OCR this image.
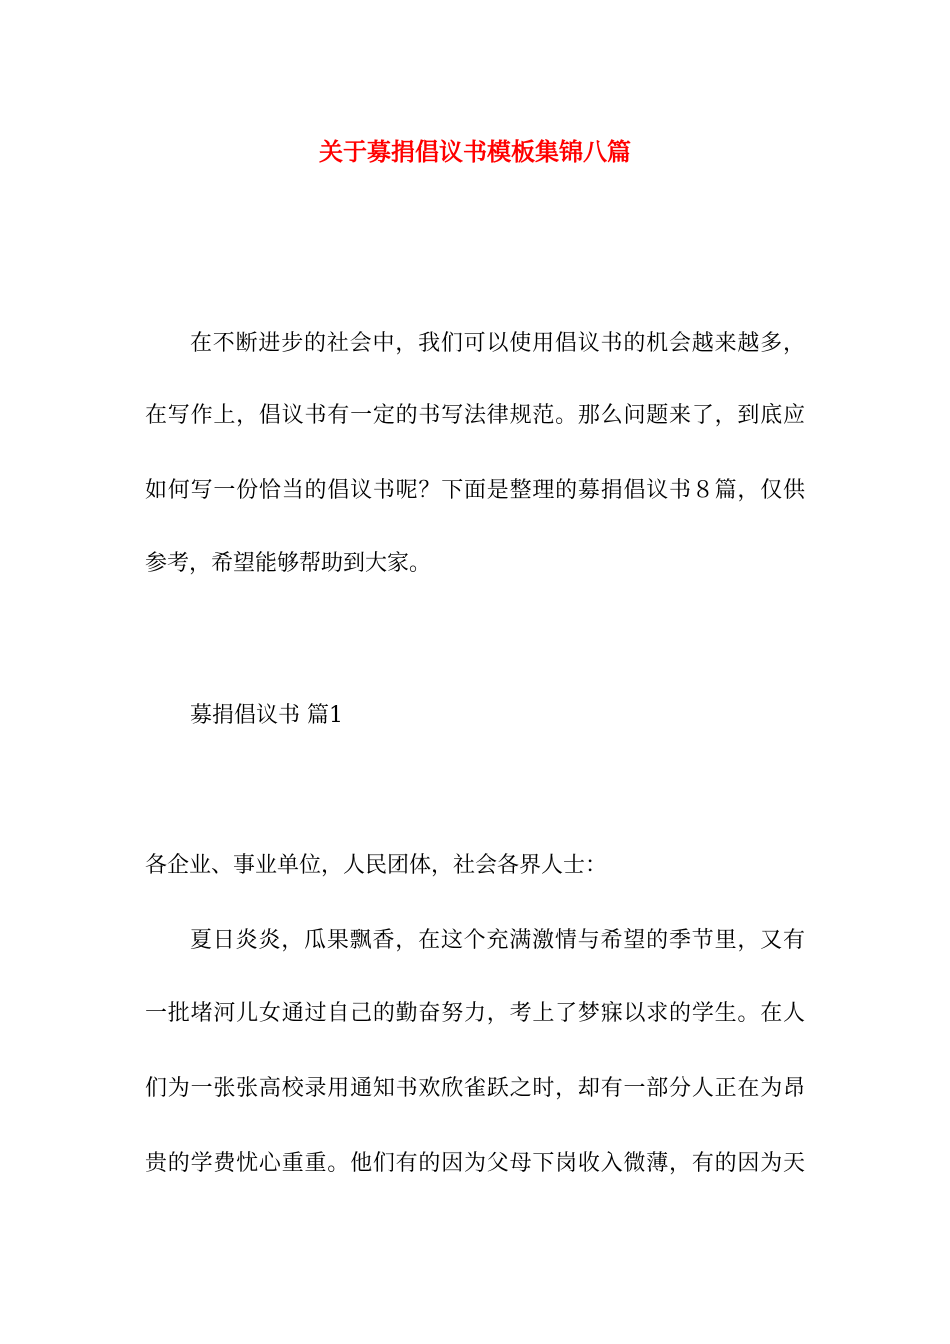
关于募捐倡议书模板集锦八篇
在不断进步的社会中，我们可以使用倡议书的机会越来越多，
在写作上，倡议书有一定的书写法律规范。那么问题来了，到底应
如何写一份恰当的倡议书呢？下面是整理的募捐倡议书８篇，仅供
参考，希望能够帮助到大家。
募捐倡议书 篇1
各企业、事业单位，人民团体，社会各界人士：
夏日炎炎，瓜果飘香，在这个充满激情与希望的季节里，又有
一批堵河儿女通过自己的勤奋努力，考上了梦寐以求的学生。在人
们为一张张高校录用通知书欢欣雀跃之时，却有一部分人正在为昂
贵的学费忧心重重。他们有的因为父母下岗收入微薄，有的因为天
